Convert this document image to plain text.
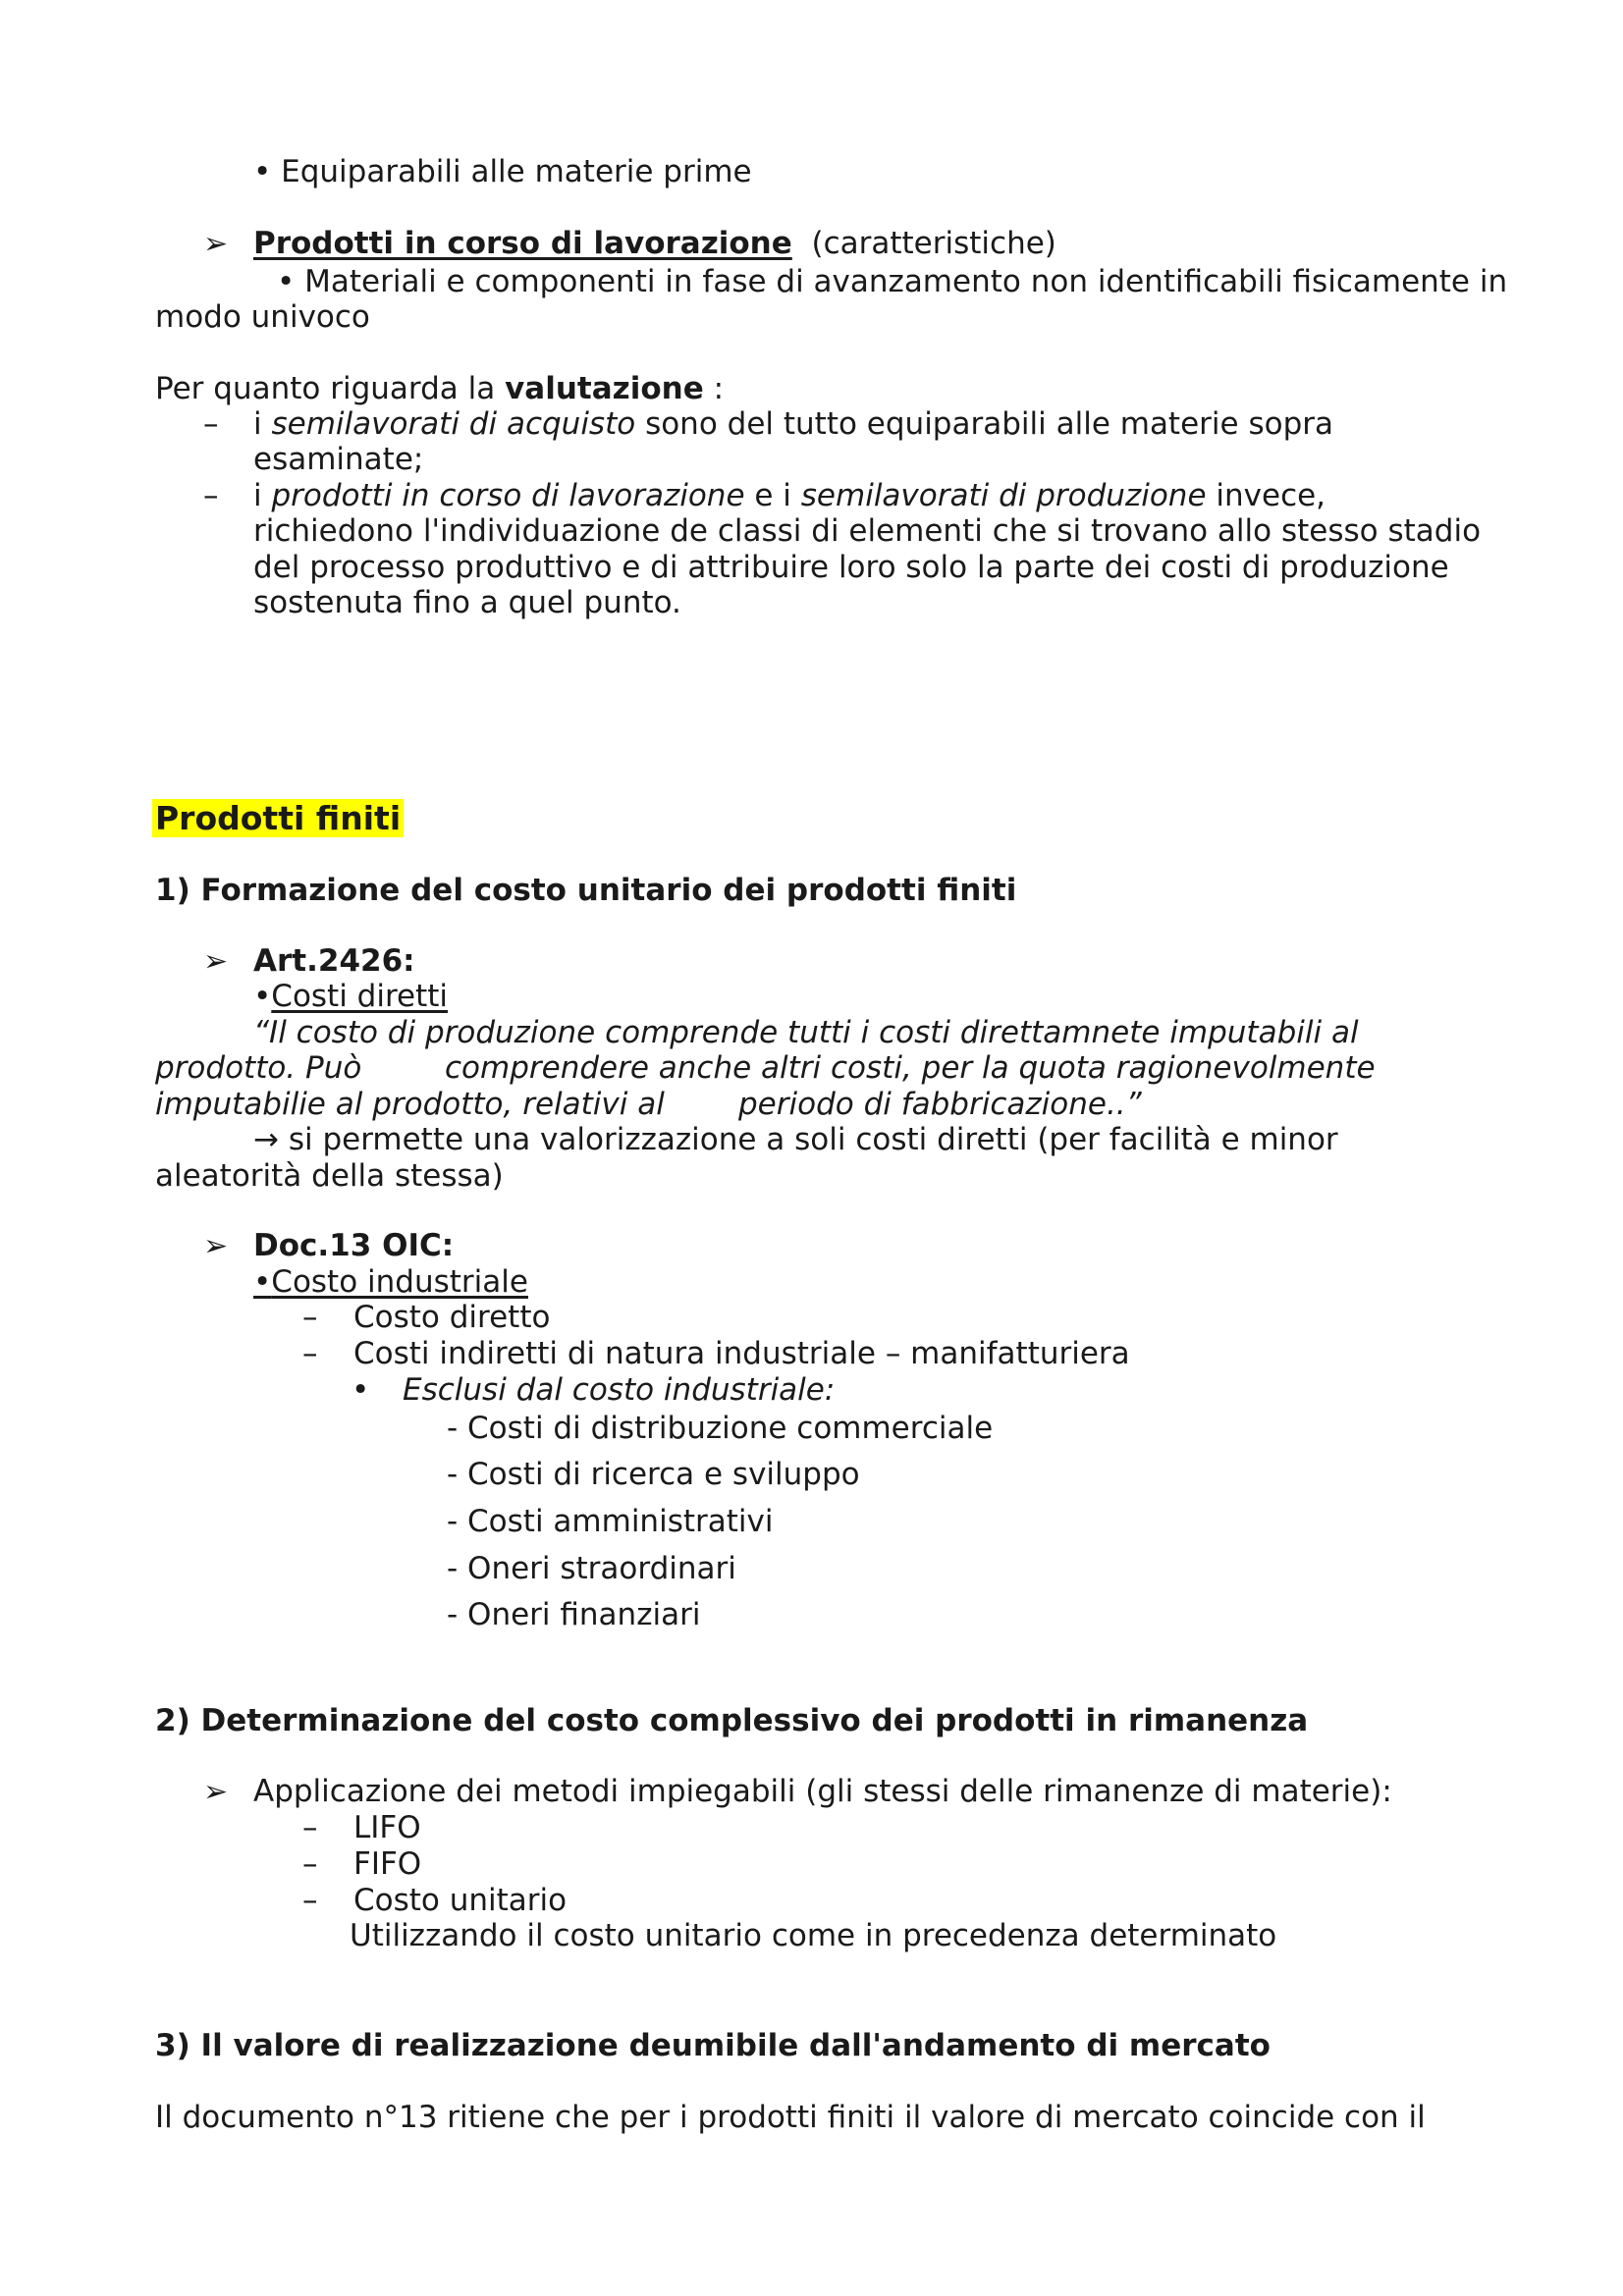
• Equiparabili alle materie prime
➢ Prodotti in corso di lavorazione (caratteristiche)
• Materiali e componenti in fase di avanzamento non identificabili fisicamente in
modo univoco
Per quanto riguarda la valutazione :
– i semilavorati di acquisto sono del tutto equiparabili alle materie sopra
esaminate;
– i prodotti in corso di lavorazione e i semilavorati di produzione invece,
richiedono l'individuazione de classi di elementi che si trovano allo stesso stadio
del processo produttivo e di attribuire loro solo la parte dei costi di produzione
sostenuta fino a quel punto.
Prodotti finiti
1) Formazione del costo unitario dei prodotti finiti
➢ Art.2426:
•Costi diretti
“Il costo di produzione comprende tutti i costi direttamnete imputabili al
prodotto. Può	comprendere anche altri costi, per la quota ragionevolmente
imputabilie al prodotto, relativi al periodo di fabbricazione..”
→ si permette una valorizzazione a soli costi diretti (per facilità e minor
aleatorità della stessa)
➢ Doc.13 OIC:
•Costo industriale
– Costo diretto
– Costi indiretti di natura industriale – manifatturiera
• Esclusi dal costo industriale:
- Costi di distribuzione commerciale
- Costi di ricerca e sviluppo
- Costi amministrativi
- Oneri straordinari
- Oneri finanziari
2) Determinazione del costo complessivo dei prodotti in rimanenza
➢ Applicazione dei metodi impiegabili (gli stessi delle rimanenze di materie):
– LIFO
– FIFO
– Costo unitario
Utilizzando il costo unitario come in precedenza determinato
3) Il valore di realizzazione deumibile dall'andamento di mercato
Il documento n°13 ritiene che per i prodotti finiti il valore di mercato coincide con il
